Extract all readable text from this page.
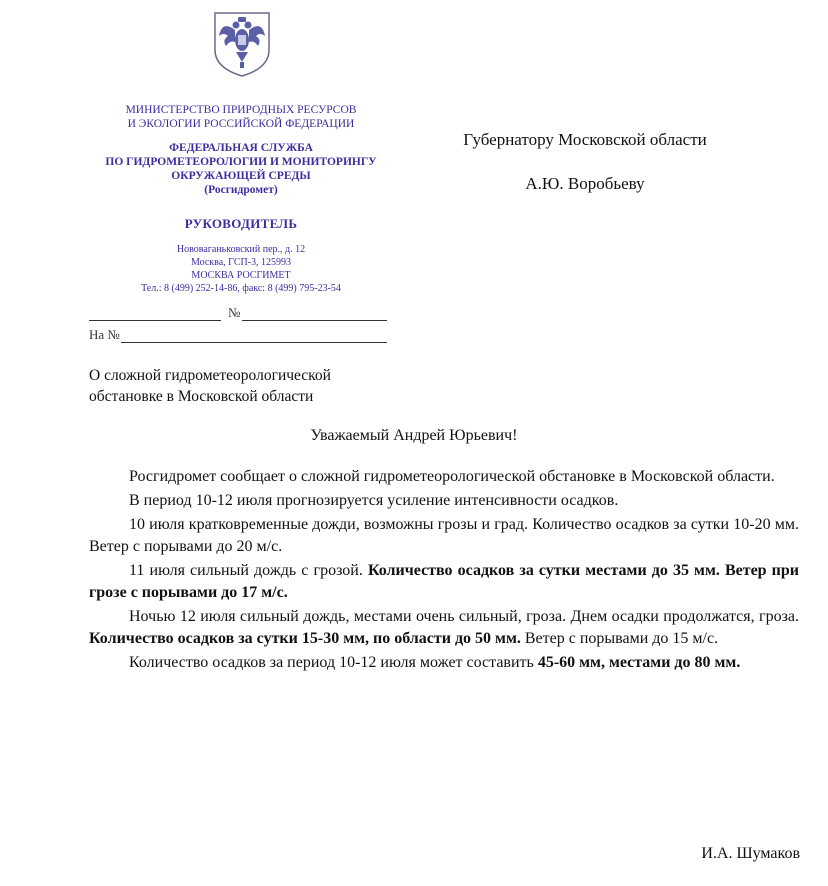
МИНИСТЕРСТВО ПРИРОДНЫХ РЕСУРСОВ
И ЭКОЛОГИИ РОССИЙСКОЙ ФЕДЕРАЦИИ
ФЕДЕРАЛЬНАЯ СЛУЖБА
ПО ГИДРОМЕТЕОРОЛОГИИ И МОНИТОРИНГУ
ОКРУЖАЮЩЕЙ СРЕДЫ
(Росгидромет)
РУКОВОДИТЕЛЬ
Нововаганьковский пер., д. 12
Москва, ГСП-3, 125993
МОСКВА РОСГИМЕТ
Тел.: 8 (499) 252-14-86, факс: 8 (499) 795-23-54
№
На №
Губернатору Московской области
А.Ю. Воробьеву
О сложной гидрометеорологической
обстановке в Московской области
Уважаемый Андрей Юрьевич!

Росгидромет сообщает о сложной гидрометеорологической обстановке в Московской области.

В период 10-12 июля прогнозируется усиление интенсивности осадков.

10 июля кратковременные дожди, возможны грозы и град. Количество осадков за сутки 10-20 мм. Ветер с порывами до 20 м/с.

11 июля сильный дождь с грозой. Количество осадков за сутки местами до 35 мм. Ветер при грозе с порывами до 17 м/с.

Ночью 12 июля сильный дождь, местами очень сильный, гроза. Днем осадки продолжатся, гроза. Количество осадков за сутки 15-30 мм, по области до 50 мм. Ветер с порывами до 15 м/с.

Количество осадков за период 10-12 июля может составить 45-60 мм, местами до 80 мм.

И.А. Шумаков
